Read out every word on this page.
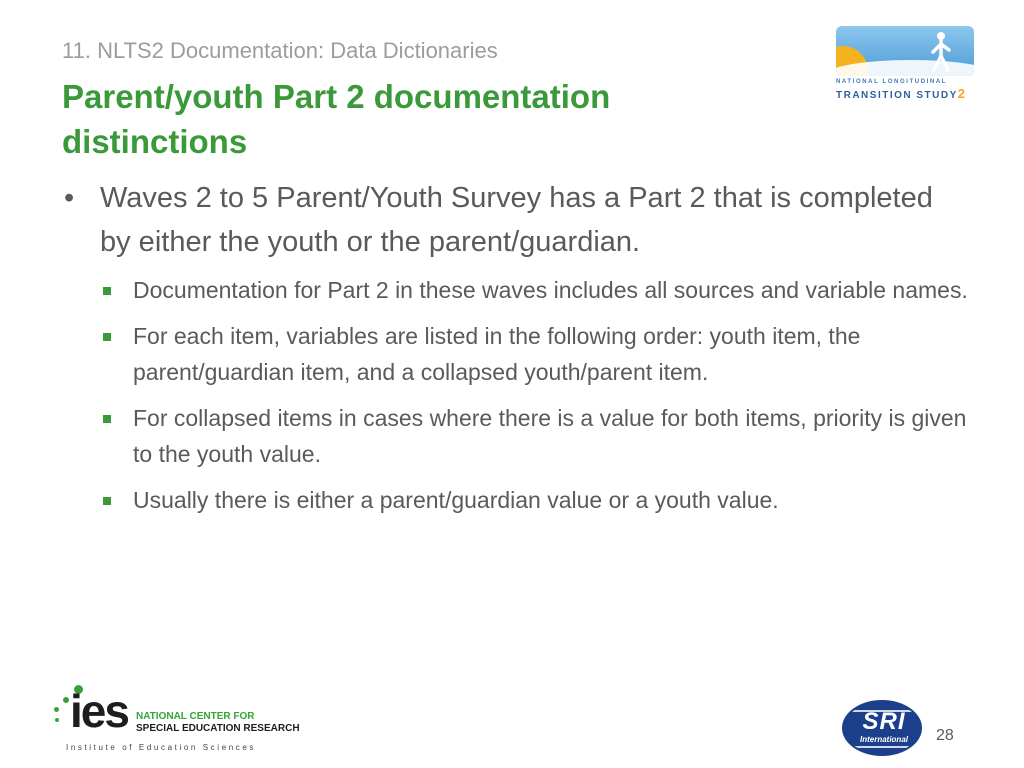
11. NLTS2 Documentation: Data Dictionaries
Parent/youth Part 2 documentation distinctions
NATIONAL LONGITUDINAL
TRANSITION STUDY2
• Waves 2 to 5 Parent/Youth Survey has a Part 2 that is completed by either the youth or the parent/guardian.
Documentation for Part 2 in these waves includes all sources and variable names.
For each item, variables are listed in the following order: youth item, the parent/guardian item, and a collapsed youth/parent item.
For collapsed items in cases where there is a value for both items, priority is given to the youth value.
Usually there is either a parent/guardian value or a youth value.
ies NATIONAL CENTER FOR
SPECIAL EDUCATION RESEARCH
Institute of Education Sciences
SRI
International	28
